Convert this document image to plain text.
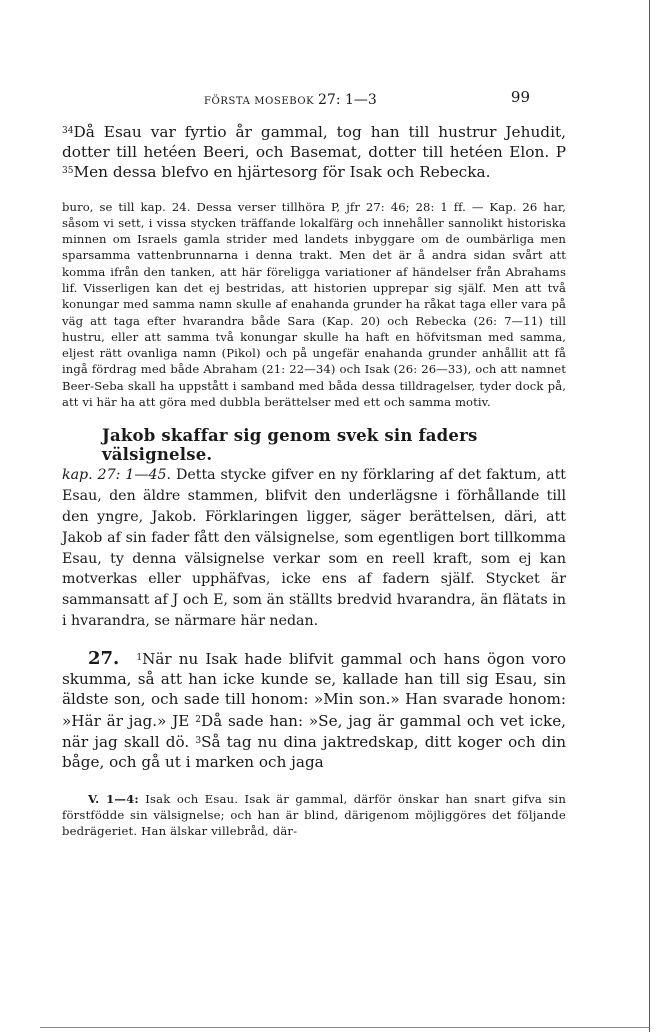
FÖRSTA MOSEBOK 27: 1—3	99
$^{34}$Då Esau var fyrtio år gammal, tog han till hustrur Jehudit, dotter till hetéen Beeri, och Basemat, dotter till hetéen Elon. P $^{35}$Men dessa blefvo en hjärtesorg för Isak och Rebecka.
buro, se till kap. 24. Dessa verser tillhöra P, jfr 27: 46; 28: 1 ff. — Kap. 26 har, såsom vi sett, i vissa stycken träffande lokalfärg och innehåller sannolikt historiska minnen om Israels gamla strider med landets inbyggare om de oumbärliga men sparsamma vattenbrunnarna i denna trakt. Men det är å andra sidan svårt att komma ifrån den tanken, att här föreligga variationer af händelser från Abrahams lif. Visserligen kan det ej bestridas, att historien upprepar sig själf. Men att två konungar med samma namn skulle af enahanda grunder ha råkat taga eller vara på väg att taga efter hvarandra både Sara (Kap. 20) och Rebecka (26: 7—11) till hustru, eller att samma två konungar skulle ha haft en höfvitsman med samma, eljest rätt ovanliga namn (Pikol) och på ungefär enahanda grunder anhållit att få ingå fördrag med både Abraham (21: 22—34) och Isak (26: 26—33), och att namnet Beer-Seba skall ha uppstått i samband med båda dessa tilldragelser, tyder dock på, att vi här ha att göra med dubbla berättelser med ett och samma motiv.
Jakob skaffar sig genom svek sin faders välsignelse.
kap. 27: 1—45. Detta stycke gifver en ny förklaring af det faktum, att Esau, den äldre stammen, blifvit den underlägsne i förhållande till den yngre, Jakob. Förklaringen ligger, säger berättelsen, däri, att Jakob af sin fader fått den välsignelse, som egentligen bort tillkomma Esau, ty denna välsignelse verkar som en reell kraft, som ej kan motverkas eller upphäfvas, icke ens af fadern själf. Stycket är sammansatt af J och E, som än ställts bredvid hvarandra, än flätats in i hvarandra, se närmare här nedan.
27. $^1$När nu Isak hade blifvit gammal och hans ögon voro skumma, så att han icke kunde se, kallade han till sig Esau, sin äldste son, och sade till honom: »Min son.» Han svarade honom: »Här är jag.» JE $^2$Då sade han: »Se, jag är gammal och vet icke, när jag skall dö. $^3$Så tag nu dina jaktredskap, ditt koger och din båge, och gå ut i marken och jaga
V. 1—4: Isak och Esau. Isak är gammal, därför önskar han snart gifva sin förstfödde sin välsignelse; och han är blind, därigenom möjliggöres det följande bedrägeriet. Han älskar villebråd, där-
